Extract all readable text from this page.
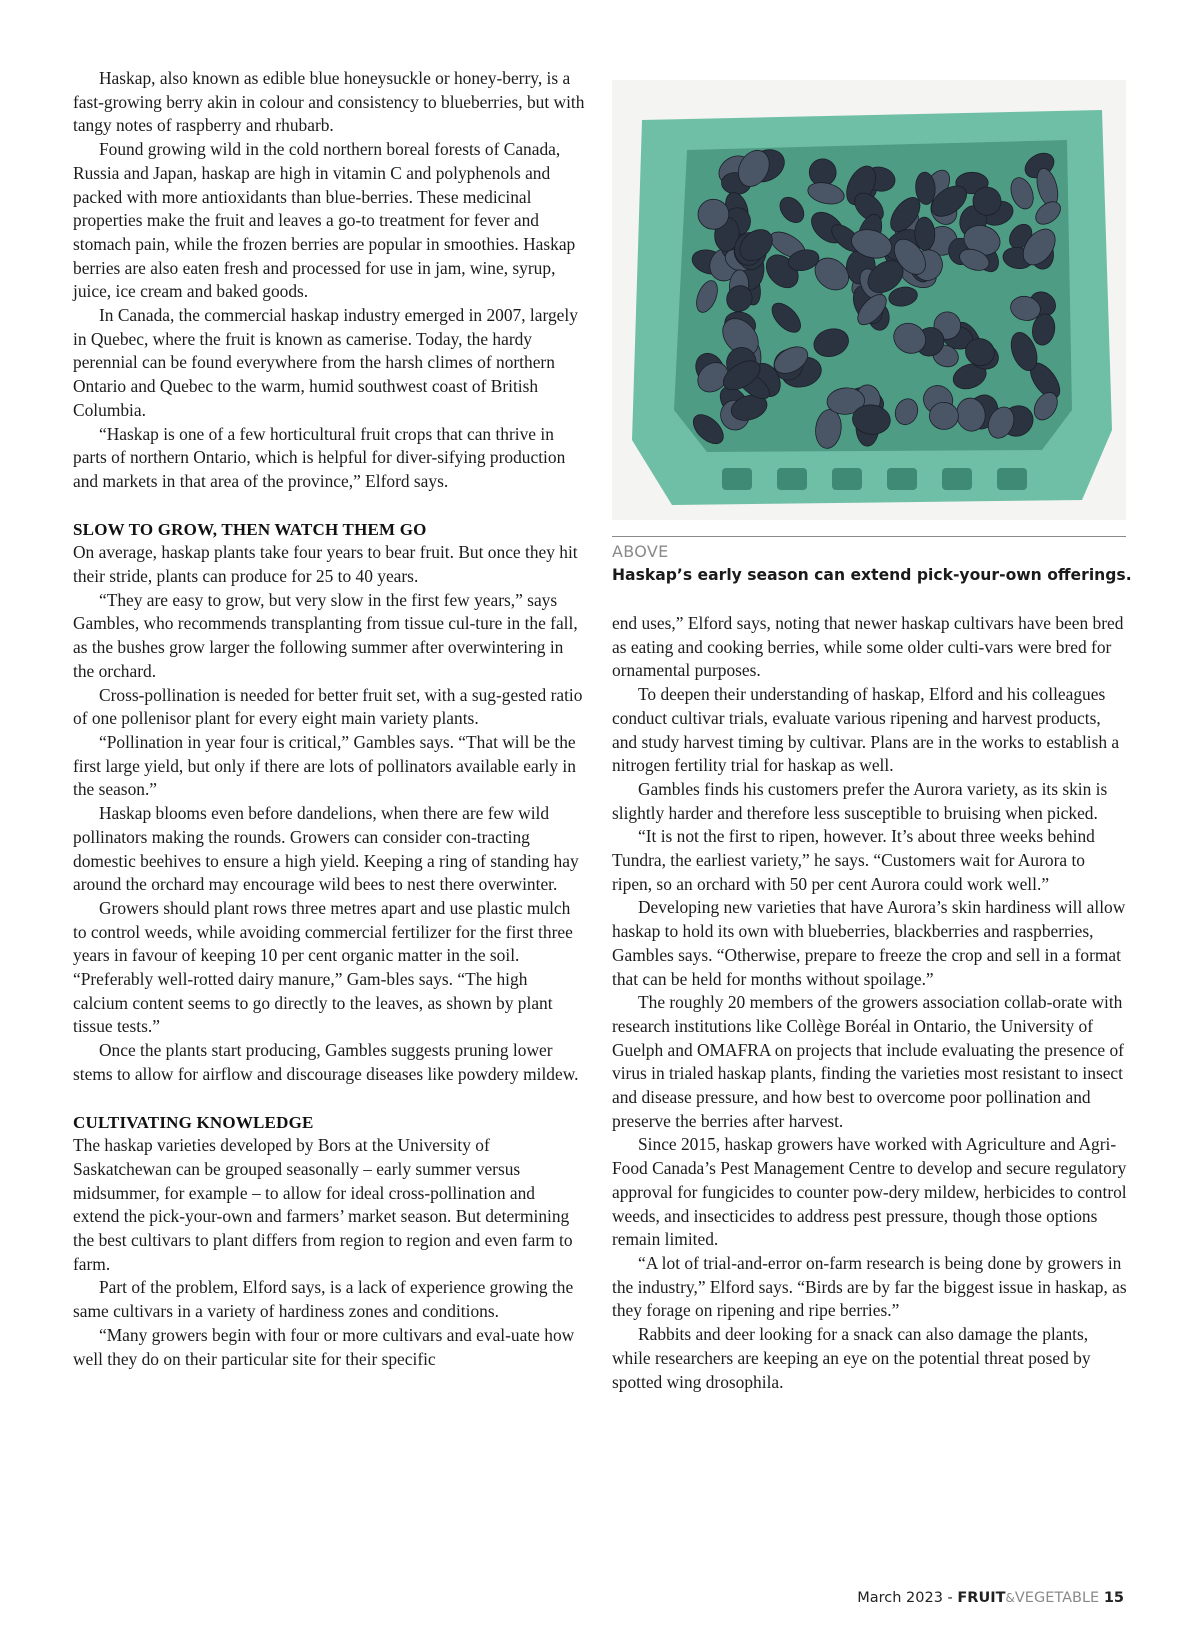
Haskap, also known as edible blue honeysuckle or honey-berry, is a fast-growing berry akin in colour and consistency to blueberries, but with tangy notes of raspberry and rhubarb.

Found growing wild in the cold northern boreal forests of Canada, Russia and Japan, haskap are high in vitamin C and polyphenols and packed with more antioxidants than blue-berries. These medicinal properties make the fruit and leaves a go-to treatment for fever and stomach pain, while the frozen berries are popular in smoothies. Haskap berries are also eaten fresh and processed for use in jam, wine, syrup, juice, ice cream and baked goods.

In Canada, the commercial haskap industry emerged in 2007, largely in Quebec, where the fruit is known as camerise. Today, the hardy perennial can be found everywhere from the harsh climes of northern Ontario and Quebec to the warm, humid southwest coast of British Columbia.

“Haskap is one of a few horticultural fruit crops that can thrive in parts of northern Ontario, which is helpful for diver-sifying production and markets in that area of the province,” Elford says.

SLOW TO GROW, THEN WATCH THEM GO

On average, haskap plants take four years to bear fruit. But once they hit their stride, plants can produce for 25 to 40 years.

“They are easy to grow, but very slow in the first few years,” says Gambles, who recommends transplanting from tissue cul-ture in the fall, as the bushes grow larger the following summer after overwintering in the orchard.

Cross-pollination is needed for better fruit set, with a sug-gested ratio of one pollenisor plant for every eight main variety plants.

“Pollination in year four is critical,” Gambles says. “That will be the first large yield, but only if there are lots of pollinators available early in the season.”

Haskap blooms even before dandelions, when there are few wild pollinators making the rounds. Growers can consider con-tracting domestic beehives to ensure a high yield. Keeping a ring of standing hay around the orchard may encourage wild bees to nest there overwinter.

Growers should plant rows three metres apart and use plastic mulch to control weeds, while avoiding commercial fertilizer for the first three years in favour of keeping 10 per cent organic matter in the soil. “Preferably well-rotted dairy manure,” Gam-bles says. “The high calcium content seems to go directly to the leaves, as shown by plant tissue tests.”

Once the plants start producing, Gambles suggests pruning lower stems to allow for airflow and discourage diseases like powdery mildew.

CULTIVATING KNOWLEDGE

The haskap varieties developed by Bors at the University of Saskatchewan can be grouped seasonally – early summer versus midsummer, for example – to allow for ideal cross-pollination and extend the pick-your-own and farmers’ market season. But determining the best cultivars to plant differs from region to region and even farm to farm.

Part of the problem, Elford says, is a lack of experience growing the same cultivars in a variety of hardiness zones and conditions.

“Many growers begin with four or more cultivars and eval-uate how well they do on their particular site for their specific

ABOVE
Haskap’s early season can extend pick-your-own offerings.

end uses,” Elford says, noting that newer haskap cultivars have been bred as eating and cooking berries, while some older culti-vars were bred for ornamental purposes.

To deepen their understanding of haskap, Elford and his colleagues conduct cultivar trials, evaluate various ripening and harvest products, and study harvest timing by cultivar. Plans are in the works to establish a nitrogen fertility trial for haskap as well.

Gambles finds his customers prefer the Aurora variety, as its skin is slightly harder and therefore less susceptible to bruising when picked.

“It is not the first to ripen, however. It’s about three weeks behind Tundra, the earliest variety,” he says. “Customers wait for Aurora to ripen, so an orchard with 50 per cent Aurora could work well.”

Developing new varieties that have Aurora’s skin hardiness will allow haskap to hold its own with blueberries, blackberries and raspberries, Gambles says. “Otherwise, prepare to freeze the crop and sell in a format that can be held for months without spoilage.”

The roughly 20 members of the growers association collab-orate with research institutions like Collège Boréal in Ontario, the University of Guelph and OMAFRA on projects that include evaluating the presence of virus in trialed haskap plants, finding the varieties most resistant to insect and disease pressure, and how best to overcome poor pollination and preserve the berries after harvest.

Since 2015, haskap growers have worked with Agriculture and Agri-Food Canada’s Pest Management Centre to develop and secure regulatory approval for fungicides to counter pow-dery mildew, herbicides to control weeds, and insecticides to address pest pressure, though those options remain limited.

“A lot of trial-and-error on-farm research is being done by growers in the industry,” Elford says. “Birds are by far the biggest issue in haskap, as they forage on ripening and ripe berries.”

Rabbits and deer looking for a snack can also damage the plants, while researchers are keeping an eye on the potential threat posed by spotted wing drosophila.

March 2023 - FRUIT&VEGETABLE 15
